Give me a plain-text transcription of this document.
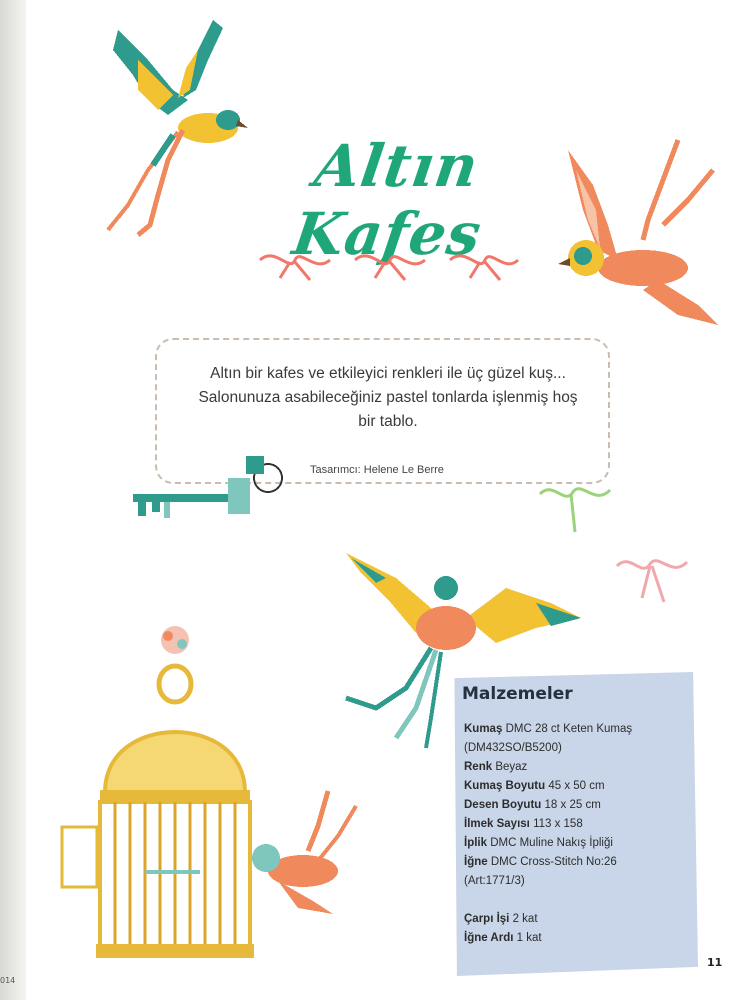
014
Altın Kafes
Altın bir kafes ve etkileyici renkleri ile üç güzel kuş... Salonunuza asabileceğiniz pastel tonlarda işlenmiş hoş bir tablo.
Tasarımcı: Helene Le Berre
Malzemeler
Kumaş DMC 28 ct Keten Kumaş
(DM432SO/B5200)
Renk Beyaz
Kumaş Boyutu 45 x 50 cm
Desen Boyutu 18 x 25 cm
İlmek Sayısı 113 x 158
İplik DMC Muline Nakış İpliği
İğne DMC Cross-Stitch No:26
(Art:1771/3)
Çarpı İşi 2 kat
İğne Ardı 1 kat
11
